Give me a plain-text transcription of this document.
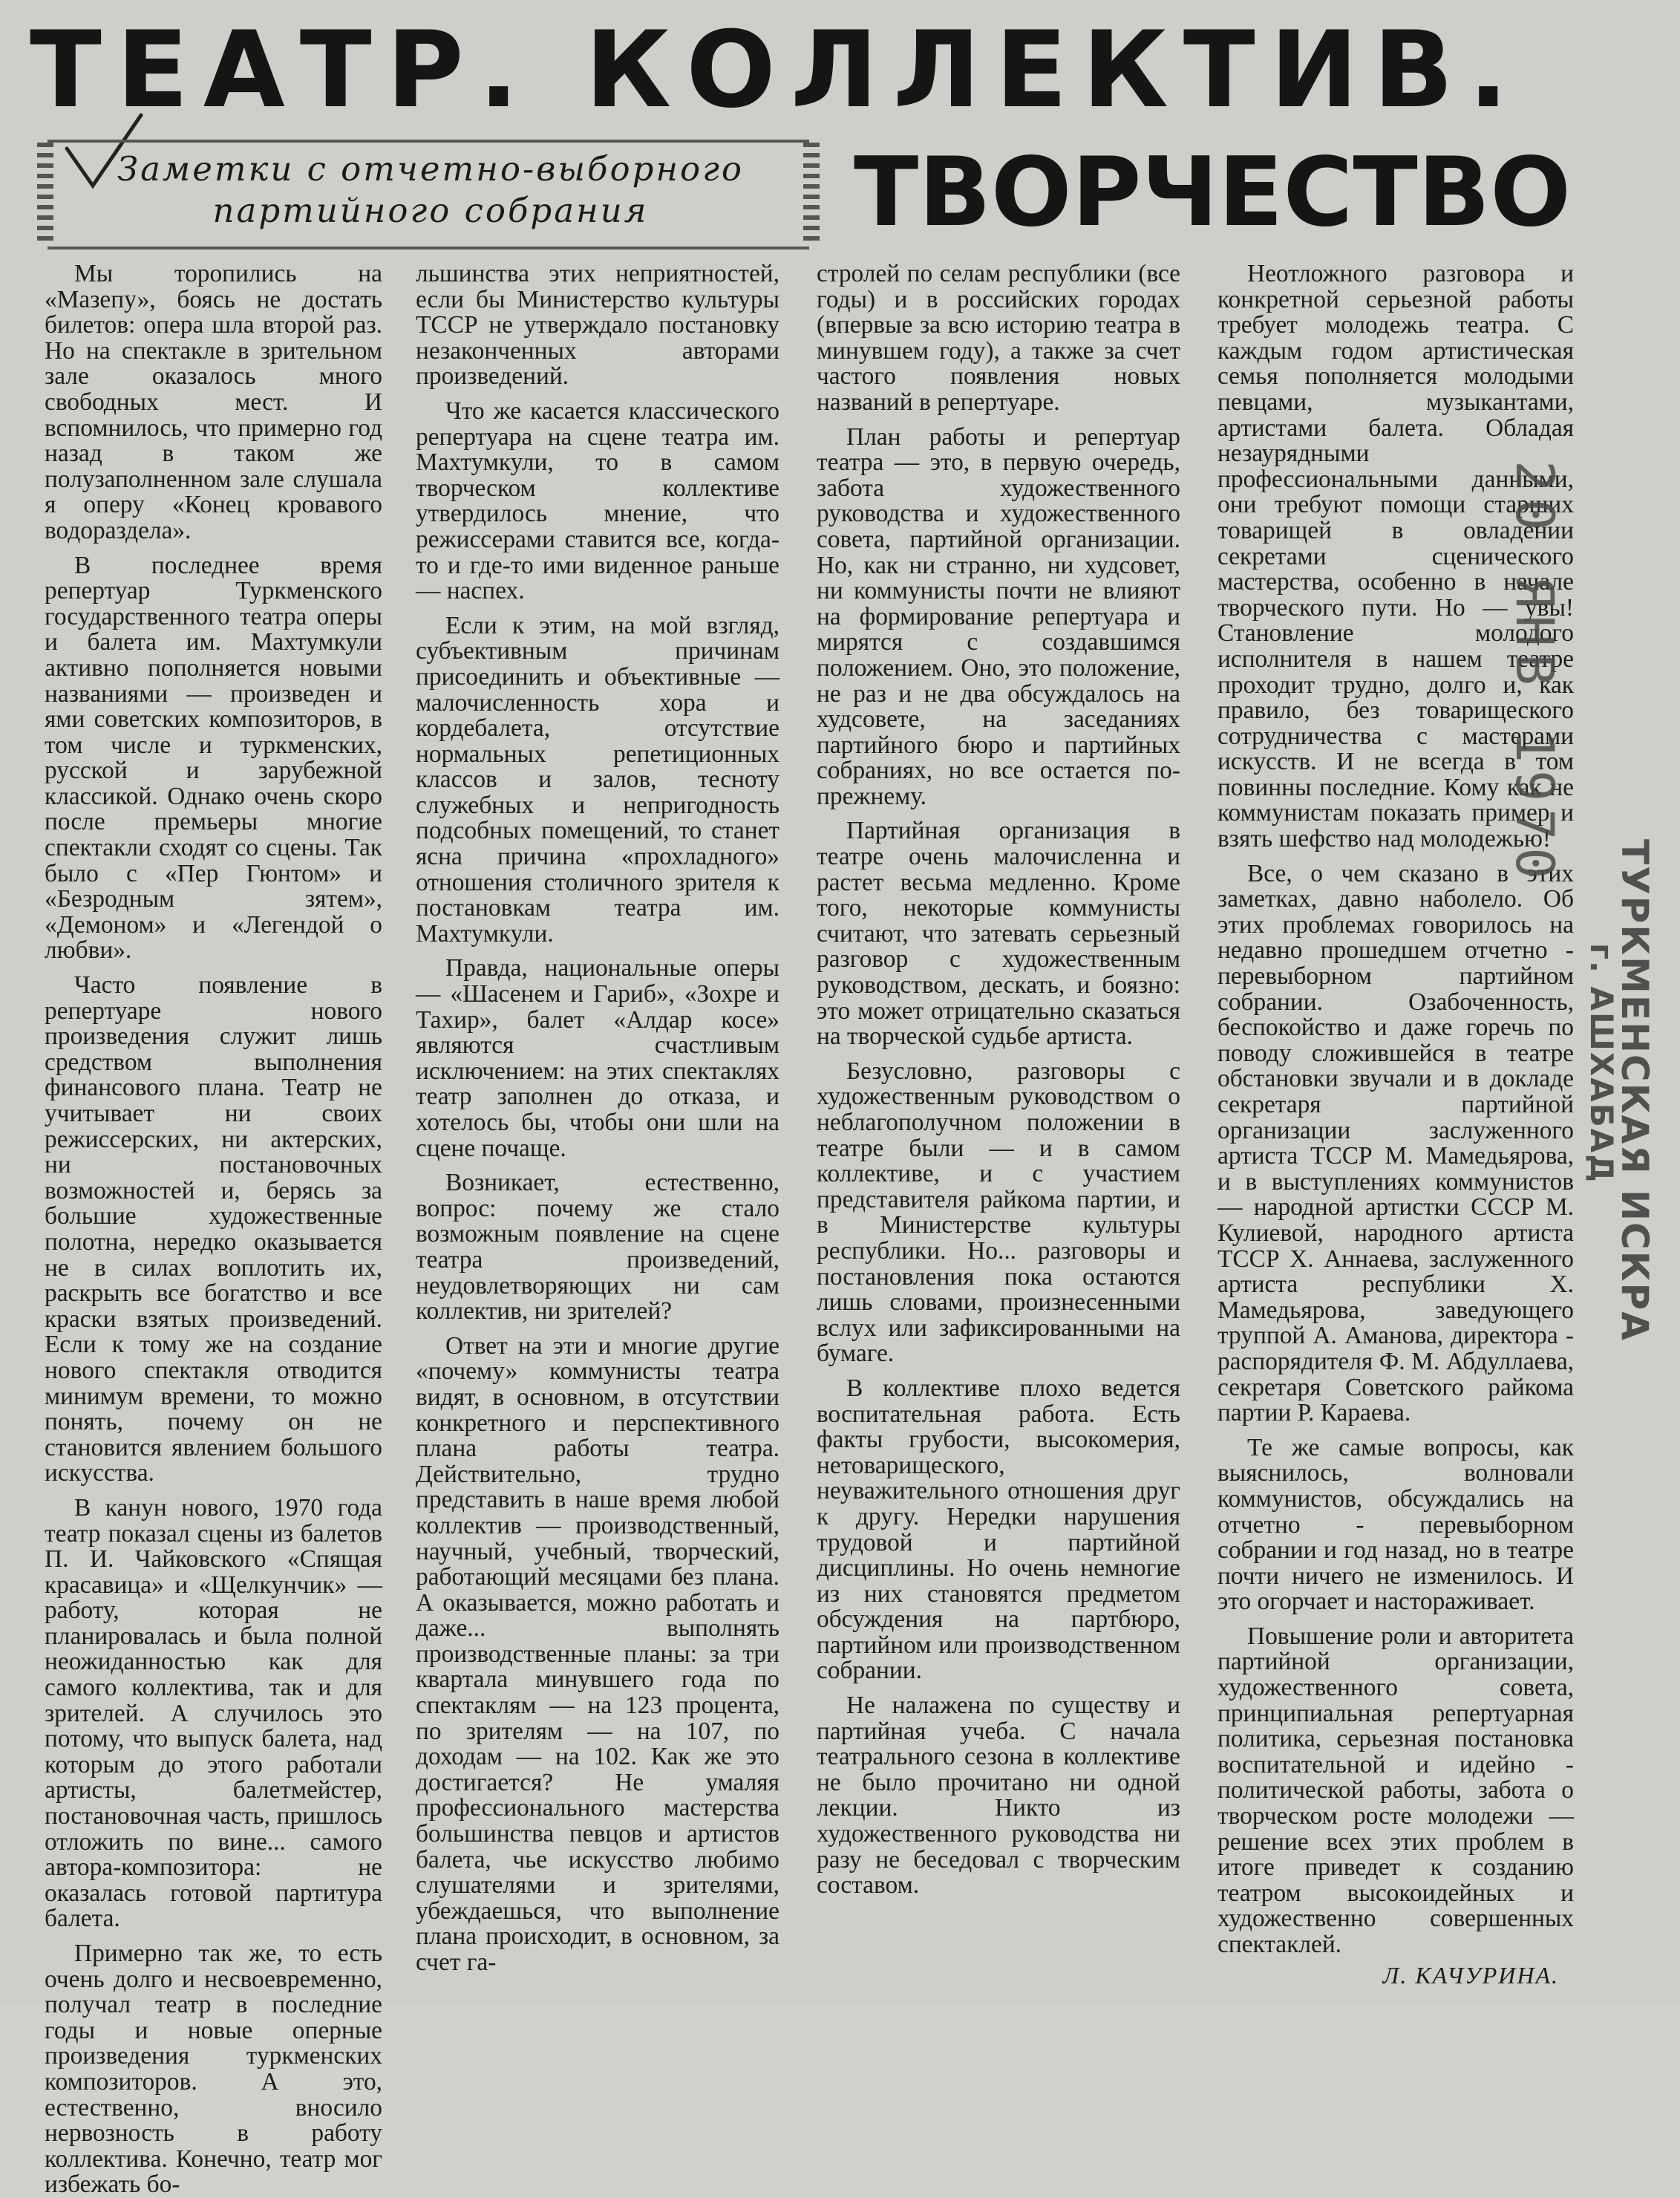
ТЕАТР. КОЛЛЕКТИВ.
Заметки с отчетно-выборного
партийного собрания	ТВОРЧЕСТВО

Мы торопились на «Мазепу», боясь не достать билетов: опера шла второй раз. Но на спектакле в зрительном зале оказалось много свободных мест. И вспомнилось, что примерно год назад в таком же полузаполненном зале слушала я оперу «Конец кровавого водораздела».

В последнее время репертуар Туркменского государственного театра оперы и балета им. Махтумкули активно пополняется новыми названиями — произведен и ями советских композиторов, в том числе и туркменских, русской и зарубежной классикой. Однако очень скоро после премьеры многие спектакли сходят со сцены. Так было с «Пер Гюнтом» и «Безродным зятем», «Демоном» и «Легендой о любви».

Часто появление в репертуаре нового произведения служит лишь средством выполнения финансового плана. Театр не учитывает ни своих режиссерских, ни актерских, ни постановочных возможностей и, берясь за большие художественные полотна, нередко оказывается не в силах воплотить их, раскрыть все богатство и все краски взятых произведений. Если к тому же на создание нового спектакля отводится минимум времени, то можно понять, почему он не становится явлением большого искусства.

В канун нового, 1970 года театр показал сцены из балетов П. И. Чайковского «Спящая красавица» и «Щелкунчик» — работу, которая не планировалась и была полной неожиданностью как для самого коллектива, так и для зрителей. А случилось это потому, что выпуск балета, над которым до этого работали артисты, балетмейстер, постановочная часть, пришлось отложить по вине... самого автора-композитора: не оказалась готовой партитура балета.

Примерно так же, то есть очень долго и несвоевременно, получал театр в последние годы и новые оперные произведения туркменских композиторов. А это, естественно, вносило нервозность в работу коллектива. Конечно, театр мог избежать бо-

льшинства этих неприятностей, если бы Министерство культуры ТССР не утверждало постановку незаконченных авторами произведений.

Что же касается классического репертуара на сцене театра им. Махтумкули, то в самом творческом коллективе утвердилось мнение, что режиссерами ставится все, когда-то и где-то ими виденное раньше — наспех.

Если к этим, на мой взгляд, субъективным причинам присоединить и объективные — малочисленность хора и кордебалета, отсутствие нормальных репетиционных классов и залов, тесноту служебных и непригодность подсобных помещений, то станет ясна причина «прохладного» отношения столичного зрителя к постановкам театра им. Махтумкули.

Правда, национальные оперы — «Шасенем и Гариб», «Зохре и Тахир», балет «Алдар косе» являются счастливым исключением: на этих спектаклях театр заполнен до отказа, и хотелось бы, чтобы они шли на сцене почаще.

Возникает, естественно, вопрос: почему же стало возможным появление на сцене театра произведений, неудовлетворяющих ни сам коллектив, ни зрителей?

Ответ на эти и многие другие «почему» коммунисты театра видят, в основном, в отсутствии конкретного и перспективного плана работы театра. Действительно, трудно представить в наше время любой коллектив — производственный, научный, учебный, творческий, работающий месяцами без плана. А оказывается, можно работать и даже... выполнять производственные планы: за три квартала минувшего года по спектаклям — на 123 процента, по зрителям — на 107, по доходам — на 102. Как же это достигается? Не умаляя профессионального мастерства большинства певцов и артистов балета, чье искусство любимо слушателями и зрителями, убеждаешься, что выполнение плана происходит, в основном, за счет га-

стролей по селам республики (все годы) и в российских городах (впервые за всю историю театра в минувшем году), а также за счет частого появления новых названий в репертуаре.

План работы и репертуар театра — это, в первую очередь, забота художественного руководства и художественного совета, партийной организации. Но, как ни странно, ни худсовет, ни коммунисты почти не влияют на формирование репертуара и мирятся с создавшимся положением. Оно, это положение, не раз и не два обсуждалось на худсовете, на заседаниях партийного бюро и партийных собраниях, но все остается по-прежнему.

Партийная организация в театре очень малочисленна и растет весьма медленно. Кроме того, некоторые коммунисты считают, что затевать серьезный разговор с художественным руководством, дескать, и боязно: это может отрицательно сказаться на творческой судьбе артиста.

Безусловно, разговоры с художественным руководством о неблагополучном положении в театре были — и в самом коллективе, и с участием представителя райкома партии, и в Министерстве культуры республики. Но... разговоры и постановления пока остаются лишь словами, произнесенными вслух или зафиксированными на бумаге.

В коллективе плохо ведется воспитательная работа. Есть факты грубости, высокомерия, нетоварищеского, неуважительного отношения друг к другу. Нередки нарушения трудовой и партийной дисциплины. Но очень немногие из них становятся предметом обсуждения на партбюро, партийном или производственном собрании.

Не налажена по существу и партийная учеба. С начала театрального сезона в коллективе не было прочитано ни одной лекции. Никто из художественного руководства ни разу не беседовал с творческим составом.

Неотложного разговора и конкретной серьезной работы требует молодежь театра. С каждым годом артистическая семья пополняется молодыми певцами, музыкантами, артистами балета. Обладая незаурядными профессиональными данными, они требуют помощи старших товарищей в овладении секретами сценического мастерства, особенно в начале творческого пути. Но — увы! Становление молодого исполнителя в нашем театре проходит трудно, долго и, как правило, без товарищеского сотрудничества с мастерами искусств. И не всегда в том повинны последние. Кому как не коммунистам показать пример и взять шефство над молодежью!

Все, о чем сказано в этих заметках, давно наболело. Об этих проблемах говорилось на недавно прошедшем отчетно - перевыборном партийном собрании. Озабоченность, беспокойство и даже горечь по поводу сложившейся в театре обстановки звучали и в докладе секретаря партийной организации заслуженного артиста ТССР М. Мамедьярова, и в выступлениях коммунистов — народной артистки СССР М. Кулиевой, народного артиста ТССР Х. Аннаева, заслуженного артиста республики Х. Мамедьярова, заведующего труппой А. Аманова, директора - распорядителя Ф. М. Абдуллаева, секретаря Советского райкома партии Р. Караева.

Те же самые вопросы, как выяснилось, волновали коммунистов, обсуждались на отчетно - перевыборном собрании и год назад, но в театре почти ничего не изменилось. И это огорчает и настораживает.

Повышение роли и авторитета партийной организации, художественного совета, принципиальная репертуарная политика, серьезная постановка воспитательной и идейно - политической работы, забота о творческом росте молодежи — решение всех этих проблем в итоге приведет к созданию театром высокоидейных и художественно совершенных спектаклей.

Л. КАЧУРИНА.
20 ЯНВ 1970
ТУРКМЕНСКАЯ ИСКРА
г. АШХАБАД
